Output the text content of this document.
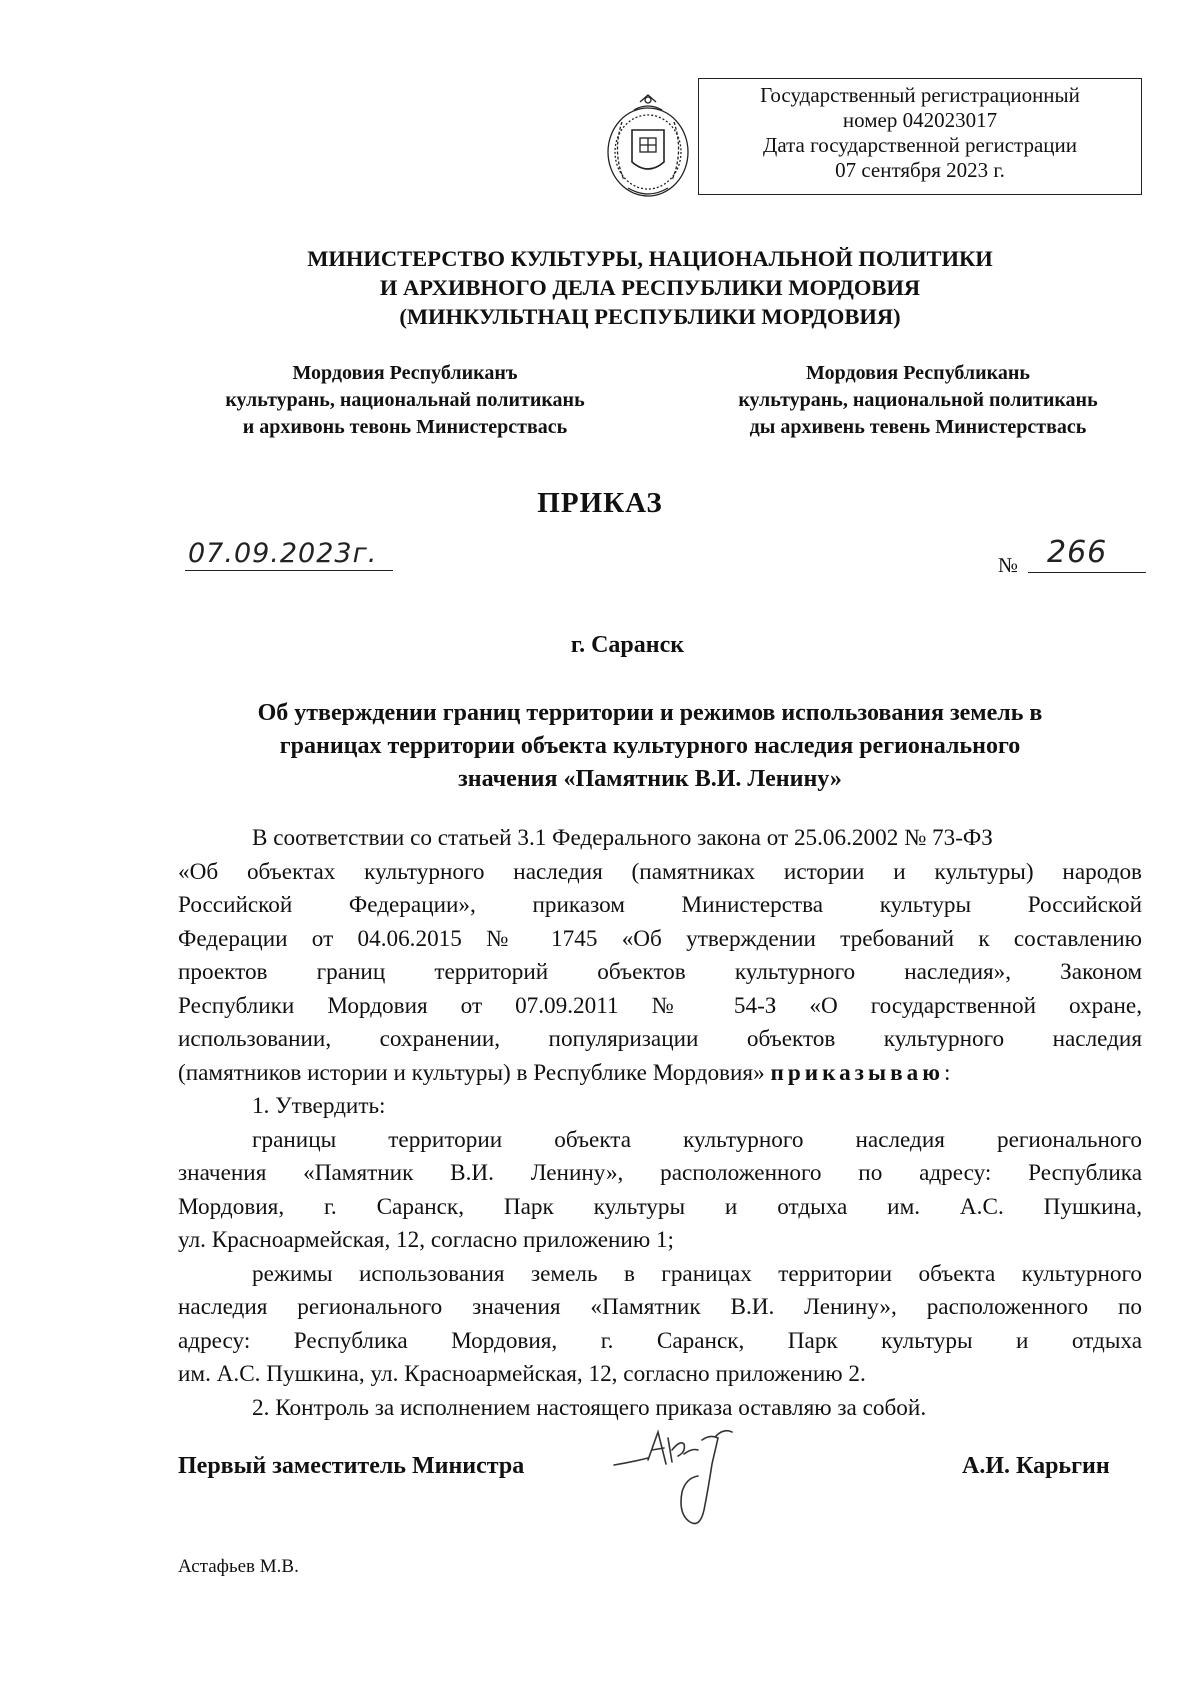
Государственный регистрационный
номер 042023017
Дата государственной регистрации
07 сентября 2023 г.
МИНИСТЕРСТВО КУЛЬТУРЫ, НАЦИОНАЛЬНОЙ ПОЛИТИКИ
И АРХИВНОГО ДЕЛА РЕСПУБЛИКИ МОРДОВИЯ
(МИНКУЛЬТНАЦ РЕСПУБЛИКИ МОРДОВИЯ)
Мордовия Республиканъ
культурань, национальнай политикань
и архивонь тевонь Министерствась
Мордовия Республикань
культурань, национальной политикань
ды архивень тевень Министерствась
ПРИКАЗ
07.09.2023г.	№ 266
г. Саранск
Об утверждении границ территории и режимов использования земель в
границах территории объекта культурного наследия регионального
значения «Памятник В.И. Ленину»
В соответствии со статьей 3.1 Федерального закона от 25.06.2002 № 73-ФЗ
«Об объектах культурного наследия (памятниках истории и культуры) народов
Российской Федерации», приказом Министерства культуры Российской
Федерации от 04.06.2015 № 1745 «Об утверждении требований к составлению
проектов границ территорий объектов культурного наследия», Законом
Республики Мордовия от 07.09.2011 № 54-З «О государственной охране,
использовании, сохранении, популяризации объектов культурного наследия
(памятников истории и культуры) в Республике Мордовия» приказываю:
1. Утвердить:
границы территории объекта культурного наследия регионального
значения «Памятник В.И. Ленину», расположенного по адресу: Республика
Мордовия, г. Саранск, Парк культуры и отдыха им. А.С. Пушкина,
ул. Красноармейская, 12, согласно приложению 1;
режимы использования земель в границах территории объекта культурного
наследия регионального значения «Памятник В.И. Ленину», расположенного по
адресу: Республика Мордовия, г. Саранск, Парк культуры и отдыха
им. А.С. Пушкина, ул. Красноармейская, 12, согласно приложению 2.
2. Контроль за исполнением настоящего приказа оставляю за собой.
Первый заместитель Министра	А.И. Карьгин
Астафьев М.В.
